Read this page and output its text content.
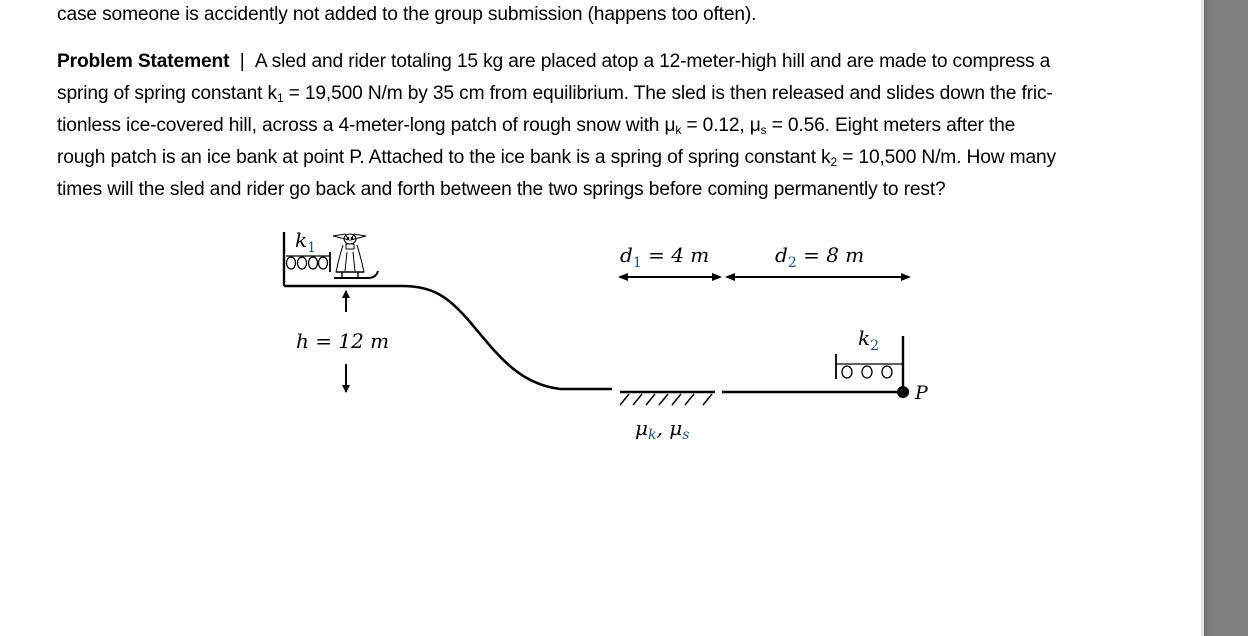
case someone is accidently not added to the group submission (happens too often).
Problem Statement | A sled and rider totaling 15 kg are placed atop a 12-meter-high hill and are made to compress a
spring of spring constant $k_1 = 19,500$ N/m by 35 cm from equilibrium. The sled is then released and slides down the fric-
tionless ice-covered hill, across a 4-meter-long patch of rough snow with $\mu_k = 0.12$, $\mu_s = 0.56$. Eight meters after the
rough patch is an ice bank at point P. Attached to the ice bank is a spring of spring constant $k_2 = 10,500$ N/m. How many
times will the sled and rider go back and forth between the two springs before coming permanently to rest?
$k_1$
h = 12 m
$\mu_k$, $\mu_s$
$d_1 = 4$ m	$d_2 = 8$ m
P
$k_2$
